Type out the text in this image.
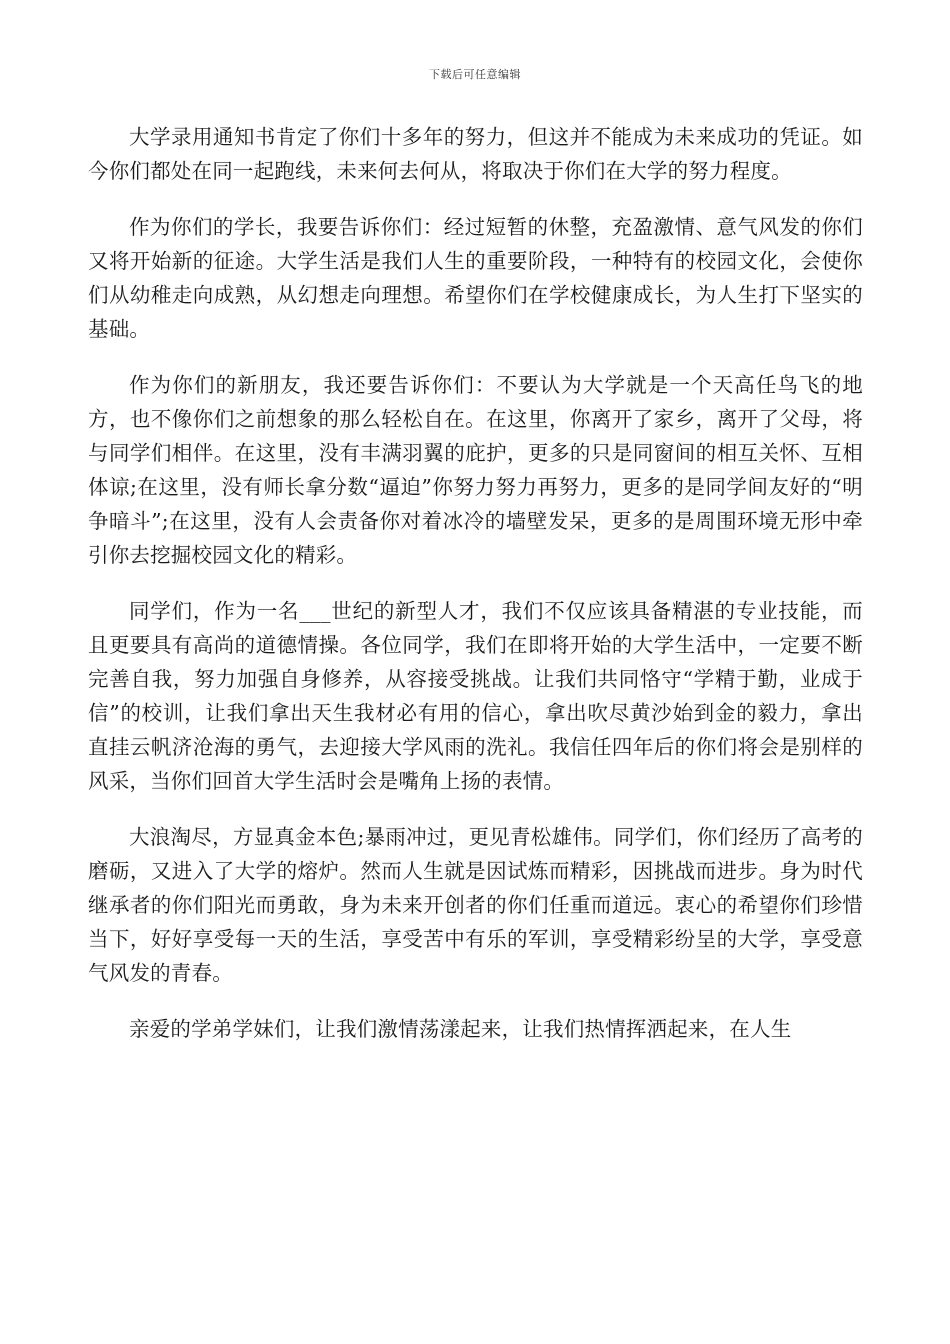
下载后可任意编辑

大学录用通知书肯定了你们十多年的努力，但这并不能成为未来成功的凭证。如今你们都处在同一起跑线，未来何去何从，将取决于你们在大学的努力程度。

作为你们的学长，我要告诉你们：经过短暂的休整，充盈激情、意气风发的你们又将开始新的征途。大学生活是我们人生的重要阶段，一种特有的校园文化，会使你们从幼稚走向成熟，从幻想走向理想。希望你们在学校健康成长，为人生打下坚实的基础。

作为你们的新朋友，我还要告诉你们：不要认为大学就是一个天高任鸟飞的地方，也不像你们之前想象的那么轻松自在。在这里，你离开了家乡，离开了父母，将与同学们相伴。在这里，没有丰满羽翼的庇护，更多的只是同窗间的相互关怀、互相体谅;在这里，没有师长拿分数“逼迫”你努力努力再努力，更多的是同学间友好的“明争暗斗”;在这里，没有人会责备你对着冰冷的墙壁发呆，更多的是周围环境无形中牵引你去挖掘校园文化的精彩。

同学们，作为一名___世纪的新型人才，我们不仅应该具备精湛的专业技能，而且更要具有高尚的道德情操。各位同学，我们在即将开始的大学生活中，一定要不断完善自我，努力加强自身修养，从容接受挑战。让我们共同恪守“学精于勤，业成于信”的校训，让我们拿出天生我材必有用的信心，拿出吹尽黄沙始到金的毅力，拿出直挂云帆济沧海的勇气，去迎接大学风雨的洗礼。我信任四年后的你们将会是别样的风采，当你们回首大学生活时会是嘴角上扬的表情。

大浪淘尽，方显真金本色;暴雨冲过，更见青松雄伟。同学们，你们经历了高考的磨砺，又进入了大学的熔炉。然而人生就是因试炼而精彩，因挑战而进步。身为时代继承者的你们阳光而勇敢，身为未来开创者的你们任重而道远。衷心的希望你们珍惜当下，好好享受每一天的生活，享受苦中有乐的军训，享受精彩纷呈的大学，享受意气风发的青春。

亲爱的学弟学妹们，让我们激情荡漾起来，让我们热情挥洒起来，在人生
